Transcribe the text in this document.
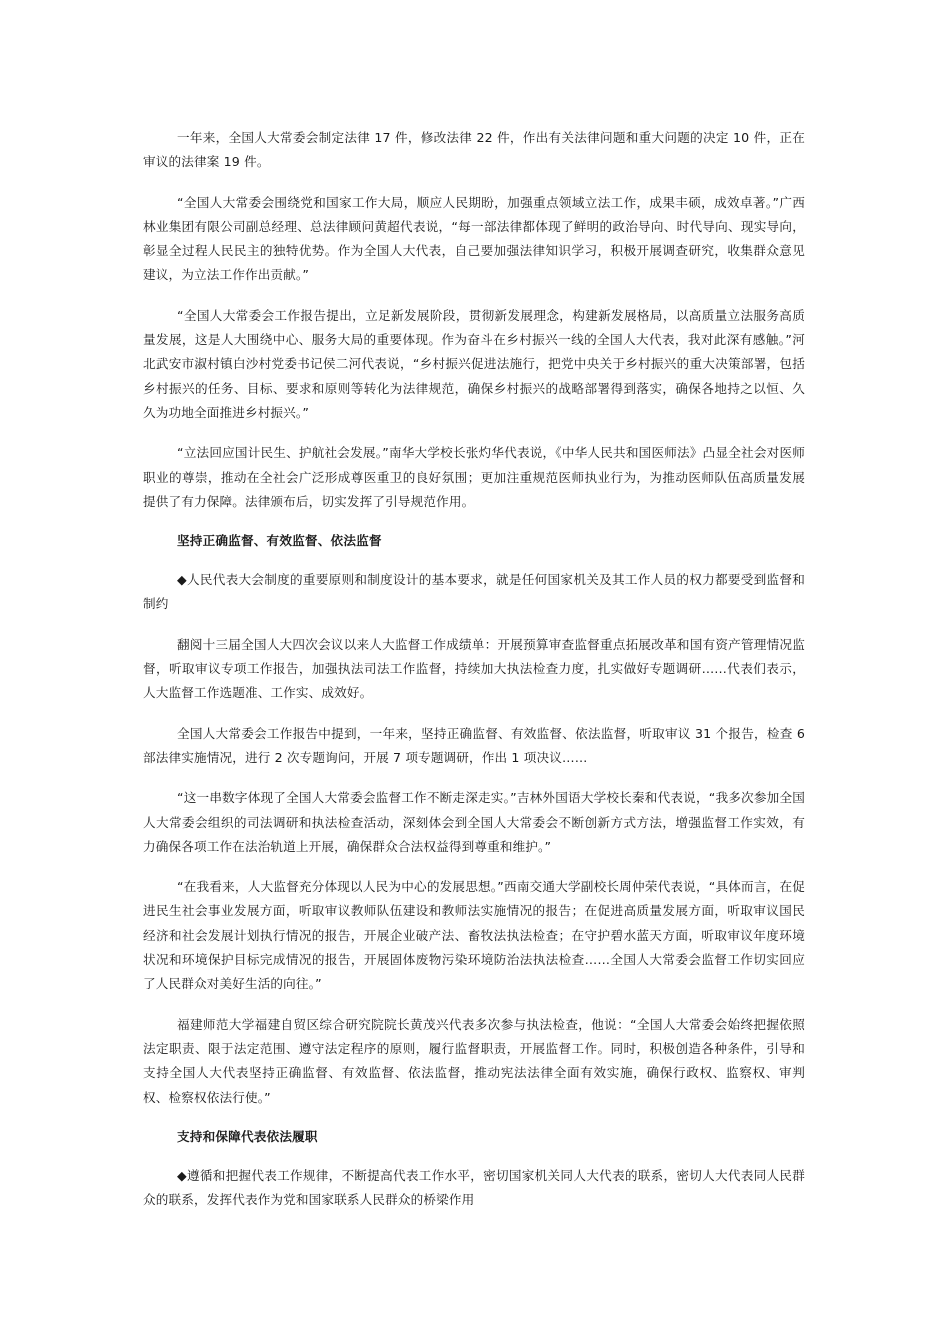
一年来，全国人大常委会制定法律 17 件，修改法律 22 件，作出有关法律问题和重大问题的决定 10 件，正在审议的法律案 19 件。

“全国人大常委会围绕党和国家工作大局，顺应人民期盼，加强重点领域立法工作，成果丰硕，成效卓著。”广西林业集团有限公司副总经理、总法律顾问黄超代表说，“每一部法律都体现了鲜明的政治导向、时代导向、现实导向，彰显全过程人民民主的独特优势。作为全国人大代表，自己要加强法律知识学习，积极开展调查研究，收集群众意见建议，为立法工作作出贡献。”

“全国人大常委会工作报告提出，立足新发展阶段，贯彻新发展理念，构建新发展格局，以高质量立法服务高质量发展，这是人大围绕中心、服务大局的重要体现。作为奋斗在乡村振兴一线的全国人大代表，我对此深有感触。”河北武安市淑村镇白沙村党委书记侯二河代表说，“乡村振兴促进法施行，把党中央关于乡村振兴的重大决策部署，包括乡村振兴的任务、目标、要求和原则等转化为法律规范，确保乡村振兴的战略部署得到落实，确保各地持之以恒、久久为功地全面推进乡村振兴。”

“立法回应国计民生、护航社会发展。”南华大学校长张灼华代表说，《中华人民共和国医师法》凸显全社会对医师职业的尊崇，推动在全社会广泛形成尊医重卫的良好氛围；更加注重规范医师执业行为，为推动医师队伍高质量发展提供了有力保障。法律颁布后，切实发挥了引导规范作用。

坚持正确监督、有效监督、依法监督

◆人民代表大会制度的重要原则和制度设计的基本要求，就是任何国家机关及其工作人员的权力都要受到监督和制约

翻阅十三届全国人大四次会议以来人大监督工作成绩单：开展预算审查监督重点拓展改革和国有资产管理情况监督，听取审议专项工作报告，加强执法司法工作监督，持续加大执法检查力度，扎实做好专题调研……代表们表示，人大监督工作选题准、工作实、成效好。

全国人大常委会工作报告中提到，一年来，坚持正确监督、有效监督、依法监督，听取审议 31 个报告，检查 6 部法律实施情况，进行 2 次专题询问，开展 7 项专题调研，作出 1 项决议……

“这一串数字体现了全国人大常委会监督工作不断走深走实。”吉林外国语大学校长秦和代表说，“我多次参加全国人大常委会组织的司法调研和执法检查活动，深刻体会到全国人大常委会不断创新方式方法，增强监督工作实效，有力确保各项工作在法治轨道上开展，确保群众合法权益得到尊重和维护。”

“在我看来，人大监督充分体现以人民为中心的发展思想。”西南交通大学副校长周仲荣代表说，“具体而言，在促进民生社会事业发展方面，听取审议教师队伍建设和教师法实施情况的报告；在促进高质量发展方面，听取审议国民经济和社会发展计划执行情况的报告，开展企业破产法、畜牧法执法检查；在守护碧水蓝天方面，听取审议年度环境状况和环境保护目标完成情况的报告，开展固体废物污染环境防治法执法检查……全国人大常委会监督工作切实回应了人民群众对美好生活的向往。”

福建师范大学福建自贸区综合研究院院长黄茂兴代表多次参与执法检查，他说：“全国人大常委会始终把握依照法定职责、限于法定范围、遵守法定程序的原则，履行监督职责，开展监督工作。同时，积极创造各种条件，引导和支持全国人大代表坚持正确监督、有效监督、依法监督，推动宪法法律全面有效实施，确保行政权、监察权、审判权、检察权依法行使。”

支持和保障代表依法履职

◆遵循和把握代表工作规律，不断提高代表工作水平，密切国家机关同人大代表的联系，密切人大代表同人民群众的联系，发挥代表作为党和国家联系人民群众的桥梁作用
